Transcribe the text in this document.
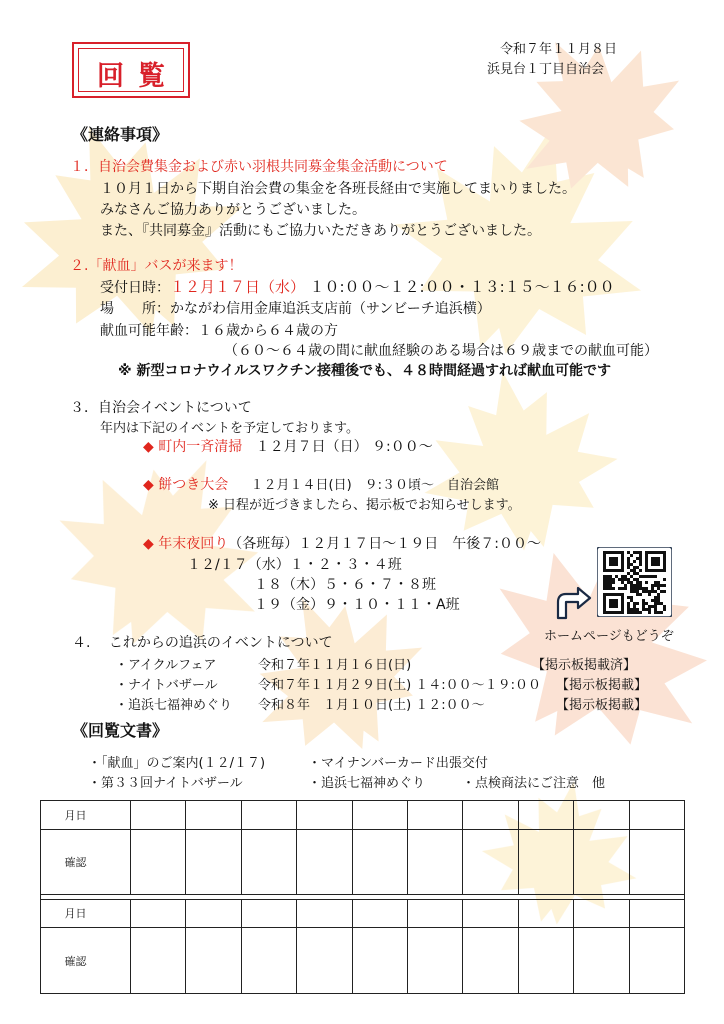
回覧
令和７年１１月８日
浜見台１丁目自治会
《連絡事項》
１．自治会費集金および赤い羽根共同募金集金活動について
１０月１日から下期自治会費の集金を各班長経由で実施してまいりました。
みなさんご協力ありがとうございました。
また、『共同募金』活動にもご協力いただきありがとうございました。
２.「献血」バスが来ます！
受付日時：１２月１７日（水） １０:００～１２:００・１３:１５～１６:００
場　　所：かながわ信用金庫追浜支店前（サンビーチ追浜横）
献血可能年齢：１６歳から６４歳の方
（６０～６４歳の間に献血経験のある場合は６９歳までの献血可能）
※ 新型コロナウイルスワクチン接種後でも、４８時間経過すれば献血可能です
３．自治会イベントについて
年内は下記のイベントを予定しております。
◆ 町内一斉清掃 １２月７日（日） ９:００～
◆ 餅つき大会 １２月１４日(日)　９:３０頃～　自治会館
※ 日程が近づきましたら、掲示板でお知らせします。
◆ 年末夜回り（各班毎）１２月１７日～１９日　午後７:００～
１２/１７（水）１・２・３・４班
１８（木）５・６・７・８班
１９（金）９・１０・１１・A班
ホームページもどうぞ
４.　 これからの追浜のイベントについて
・アイクルフェア	令和７年１１月１６日(日)	【掲示板掲載済】
・ナイトバザール	令和７年１１月２９日(土) １４:００～１９:００ 【掲示板掲載】
・追浜七福神めぐり 令和８年　１月１０日(土) １２:００～	【掲示板掲載】
《回覧文書》
・「献血」のご案内(１２/１７)	・マイナンバーカード出張交付
・第３３回ナイトバザール	・追浜七福神めぐり	・点検商法にご注意　他
月日										
確認										

月日										
確認										
